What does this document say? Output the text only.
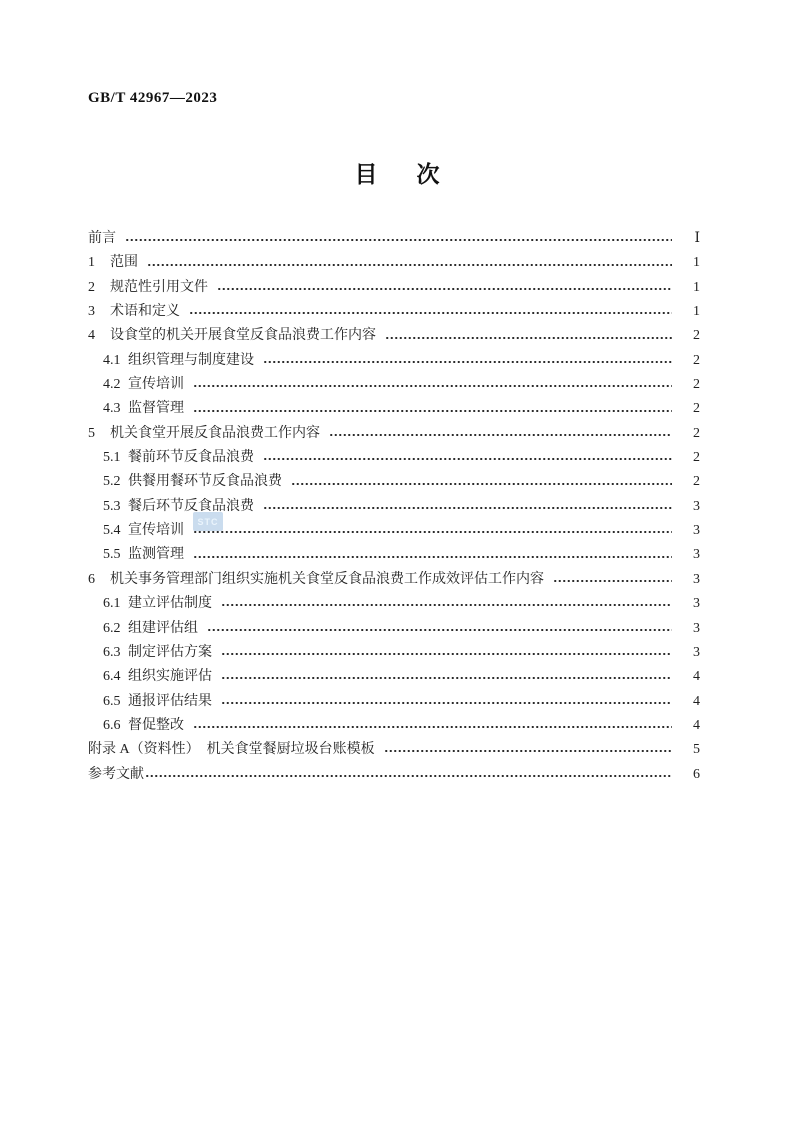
GB/T 42967—2023
目　次
前言	Ⅰ
1	范围	1
2	规范性引用文件	1
3	术语和定义	1
4	设食堂的机关开展食堂反食品浪费工作内容	2
4.1 组织管理与制度建设	2
4.2 宣传培训	2
4.3 监督管理	2
5	机关食堂开展反食品浪费工作内容	2
5.1 餐前环节反食品浪费	2
5.2 供餐用餐环节反食品浪费	2
5.3 餐后环节反食品浪费	3
5.4 宣传培训	3
5.5 监测管理	3
6	机关事务管理部门组织实施机关食堂反食品浪费工作成效评估工作内容	3
6.1 建立评估制度	3
6.2 组建评估组	3
6.3 制定评估方案	3
6.4 组织实施评估	4
6.5 通报评估结果	4
6.6 督促整改	4
附录 A（资料性）　机关食堂餐厨垃圾台账模板	5
参考文献	6
STC
